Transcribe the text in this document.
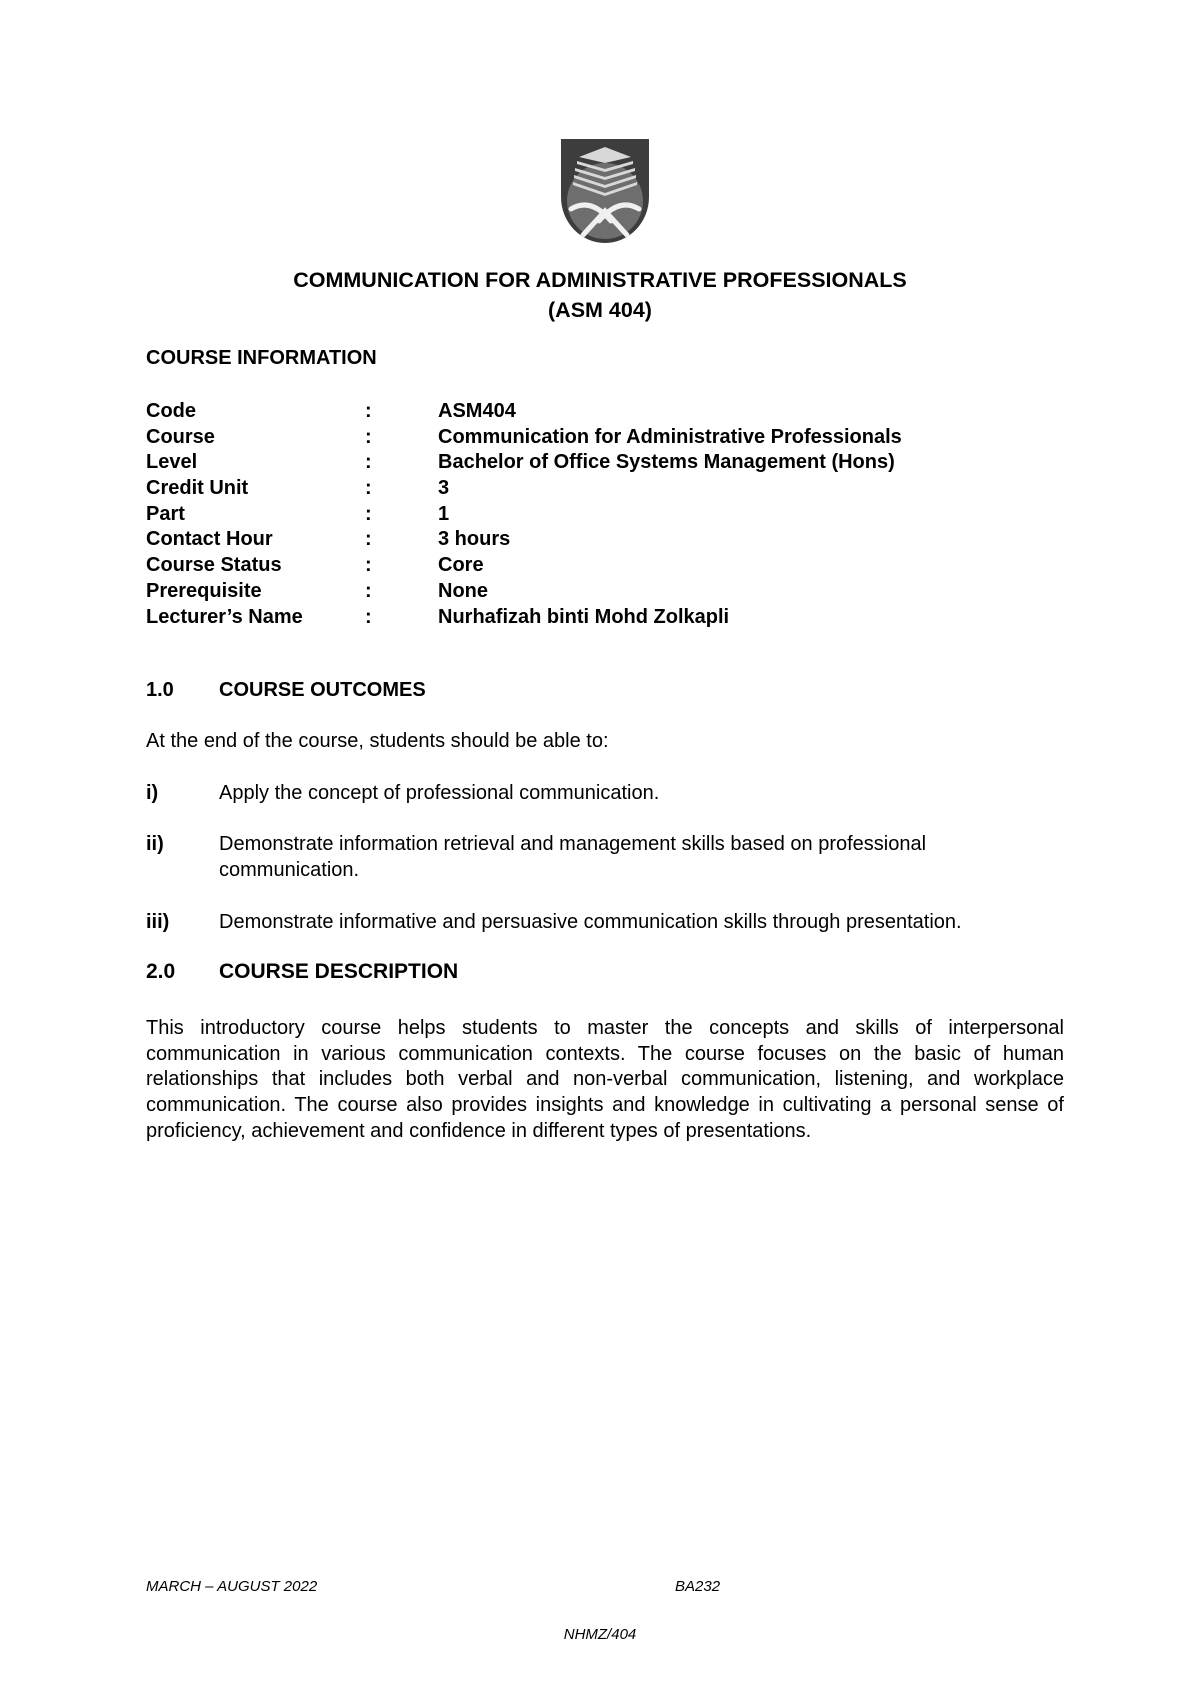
COMMUNICATION FOR ADMINISTRATIVE PROFESSIONALS
(ASM 404)
COURSE INFORMATION
Code	:	ASM404
Course	:	Communication for Administrative Professionals
Level	:	Bachelor of Office Systems Management (Hons)
Credit Unit	:	3
Part	:	1
Contact Hour	:	3 hours
Course Status	:	Core
Prerequisite	:	None
Lecturer’s Name	:	Nurhafizah binti Mohd Zolkapli
1.0 COURSE OUTCOMES
At the end of the course, students should be able to:
i)	Apply the concept of professional communication.
ii)	Demonstrate information retrieval and management skills based on professional communication.
iii) Demonstrate informative and persuasive communication skills through presentation.
2.0 COURSE DESCRIPTION
This introductory course helps students to master the concepts and skills of interpersonal communication in various communication contexts. The course focuses on the basic of human relationships that includes both verbal and non-verbal communication, listening, and workplace communication. The course also provides insights and knowledge in cultivating a personal sense of proficiency, achievement and confidence in different types of presentations.
MARCH – AUGUST 2022	BA232
NHMZ/404
